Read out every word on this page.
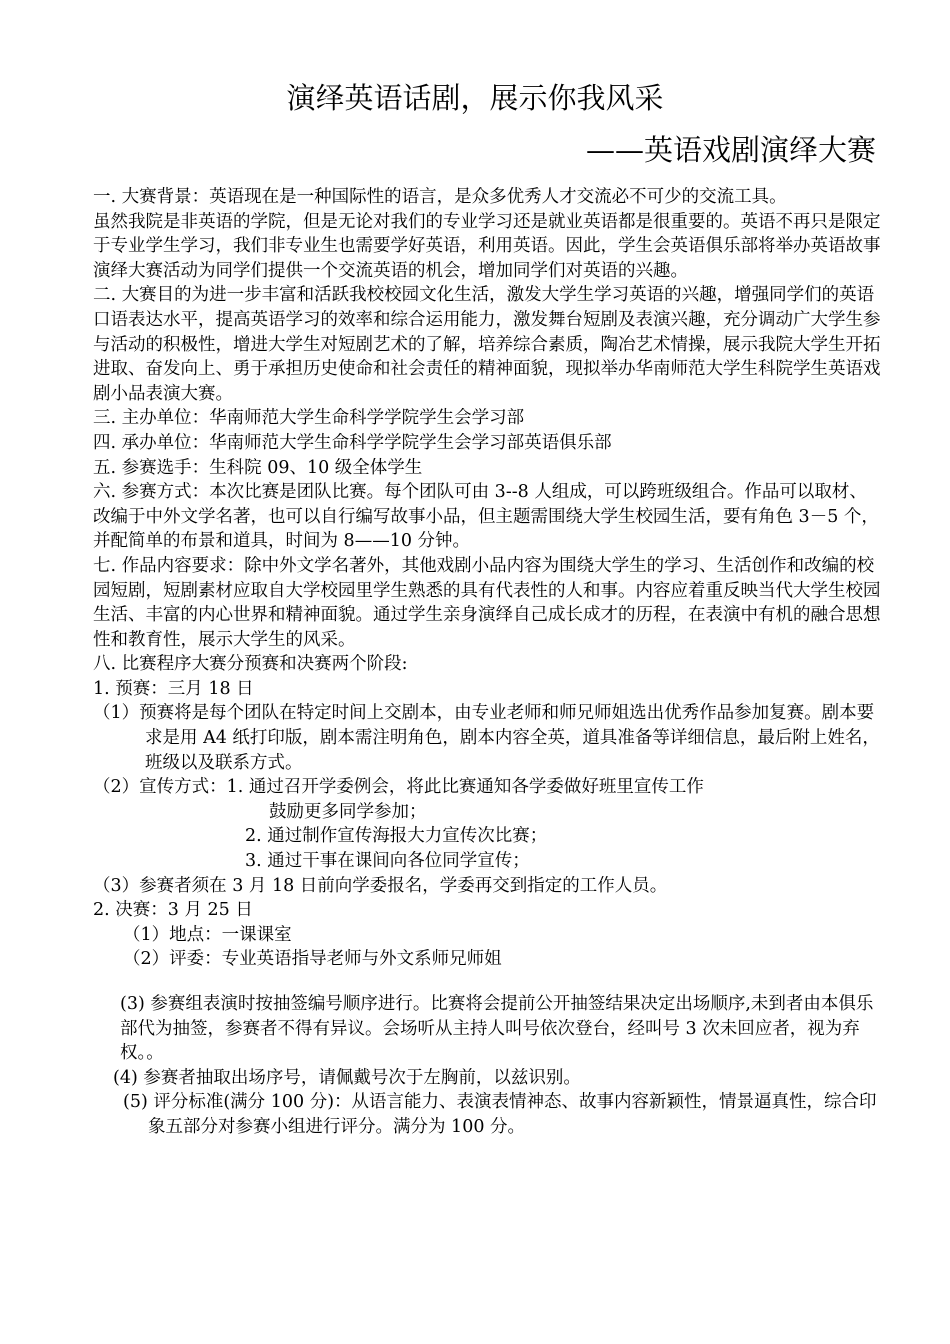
演绎英语话剧，展示你我风采
——英语戏剧演绎大赛

一. 大赛背景：英语现在是一种国际性的语言，是众多优秀人才交流必不可少的交流工具。

虽然我院是非英语的学院，但是无论对我们的专业学习还是就业英语都是很重要的。英语不再只是限定于专业学生学习，我们非专业生也需要学好英语，利用英语。因此，学生会英语俱乐部将举办英语故事演绎大赛活动为同学们提供一个交流英语的机会，增加同学们对英语的兴趣。

二. 大赛目的为进一步丰富和活跃我校校园文化生活，激发大学生学习英语的兴趣，增强同学们的英语口语表达水平，提高英语学习的效率和综合运用能力，激发舞台短剧及表演兴趣，充分调动广大学生参与活动的积极性，增进大学生对短剧艺术的了解，培养综合素质，陶冶艺术情操，展示我院大学生开拓进取、奋发向上、勇于承担历史使命和社会责任的精神面貌，现拟举办华南师范大学生科院学生英语戏剧小品表演大赛。

三. 主办单位：华南师范大学生命科学学院学生会学习部

四. 承办单位：华南师范大学生命科学学院学生会学习部英语俱乐部

五. 参赛选手：生科院 09、10 级全体学生

六. 参赛方式：本次比赛是团队比赛。每个团队可由 3--8 人组成，可以跨班级组合。作品可以取材、改编于中外文学名著，也可以自行编写故事小品，但主题需围绕大学生校园生活，要有角色 3－5 个，并配简单的布景和道具，时间为 8——10 分钟。

七. 作品内容要求：除中外文学名著外，其他戏剧小品内容为围绕大学生的学习、生活创作和改编的校园短剧，短剧素材应取自大学校园里学生熟悉的具有代表性的人和事。内容应着重反映当代大学生校园生活、丰富的内心世界和精神面貌。通过学生亲身演绎自己成长成才的历程，在表演中有机的融合思想性和教育性，展示大学生的风采。

八. 比赛程序大赛分预赛和决赛两个阶段:

1. 预赛：三月 18 日

（1）预赛将是每个团队在特定时间上交剧本，由专业老师和师兄师姐选出优秀作品参加复赛。剧本要求是用 A4 纸打印版，剧本需注明角色，剧本内容全英，道具准备等详细信息，最后附上姓名，班级以及联系方式。

（2）宣传方式：1. 通过召开学委例会，将此比赛通知各学委做好班里宣传工作

鼓励更多同学参加；

2. 通过制作宣传海报大力宣传次比赛；

3. 通过干事在课间向各位同学宣传；

（3）参赛者须在 3 月 18 日前向学委报名，学委再交到指定的工作人员。

2. 决赛：3 月 25 日

（1）地点：一课课室

（2）评委：专业英语指导老师与外文系师兄师姐

(3) 参赛组表演时按抽签编号顺序进行。比赛将会提前公开抽签结果决定出场顺序,未到者由本俱乐部代为抽签，参赛者不得有异议。会场听从主持人叫号依次登台，经叫号 3 次未回应者，视为弃权。。

(4) 参赛者抽取出场序号，请佩戴号次于左胸前，以兹识别。

(5) 评分标准(满分 100 分)：从语言能力、表演表情神态、故事内容新颖性，情景逼真性，综合印象五部分对参赛小组进行评分。满分为 100 分。
